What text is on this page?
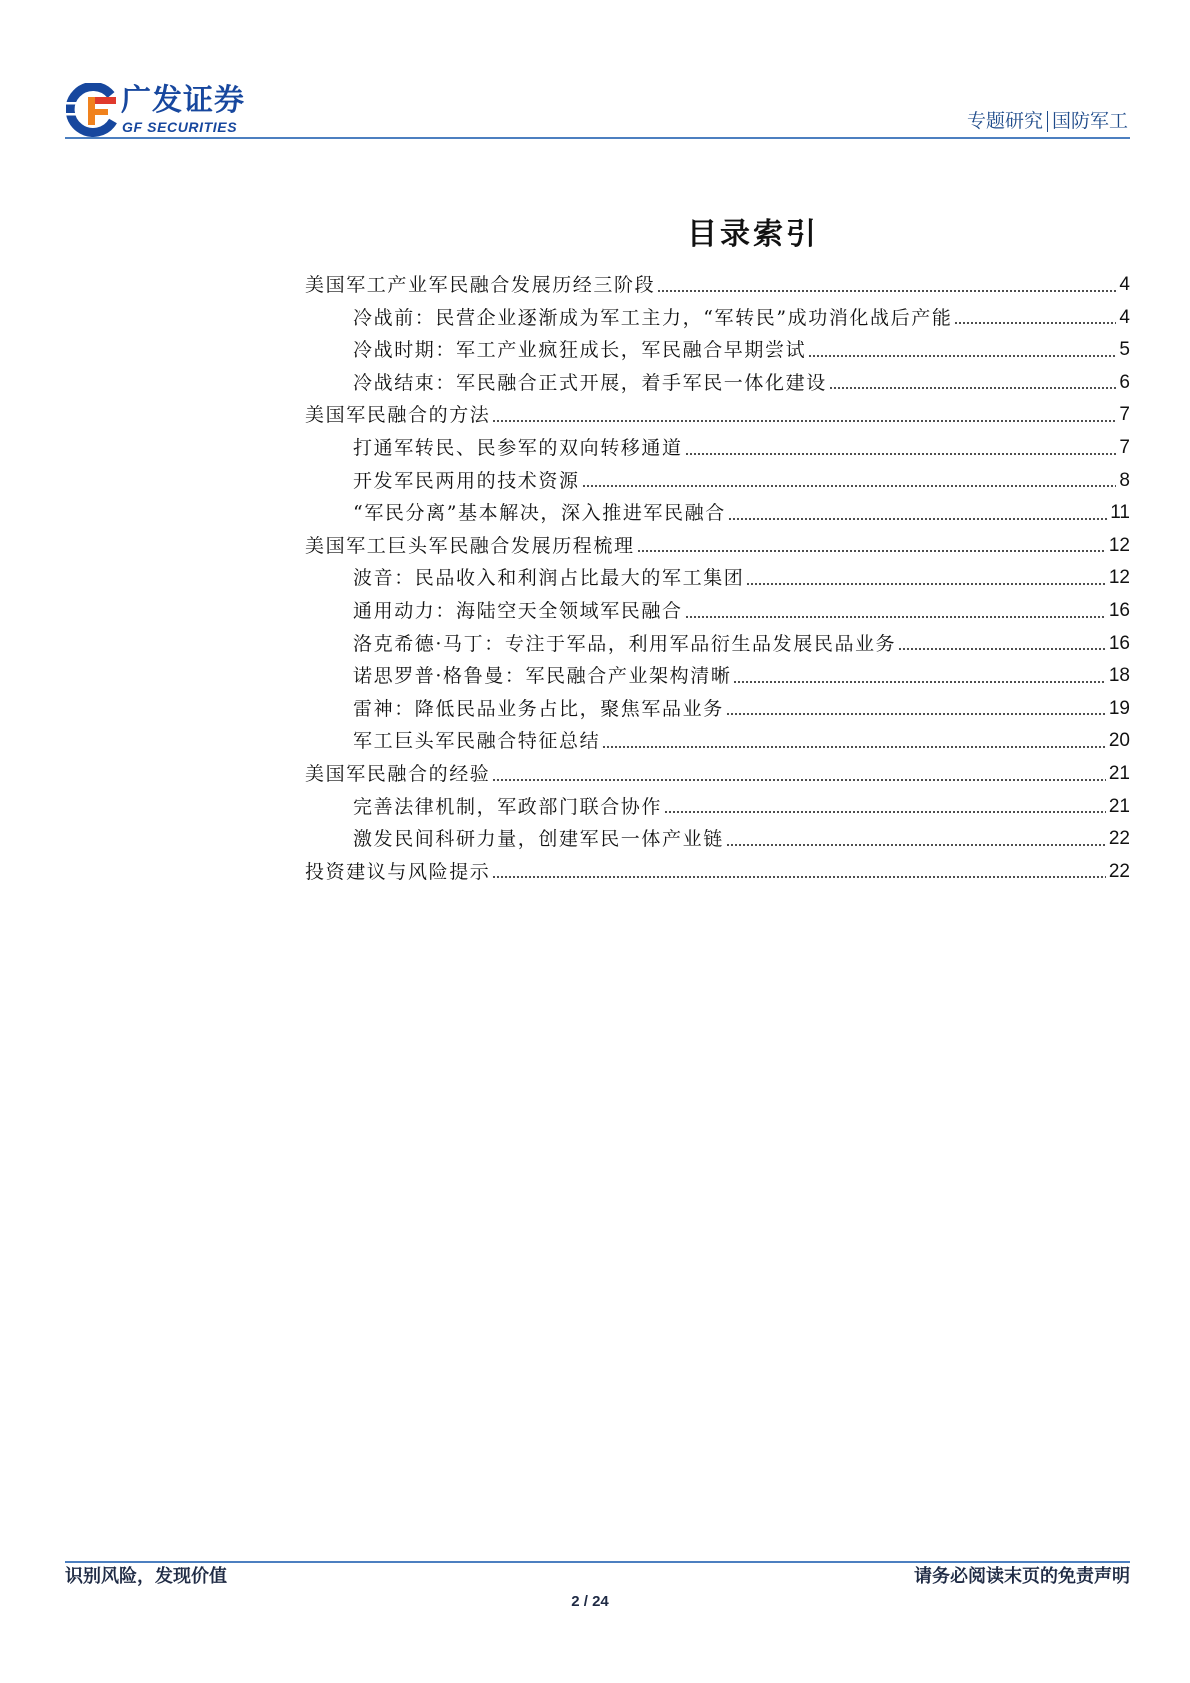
广发证券
GF SECURITIES	专题研究 国防军工
目录索引
美国军工产业军民融合发展历经三阶段	4
冷战前：民营企业逐渐成为军工主力，“军转民”成功消化战后产能	4
冷战时期：军工产业疯狂成长，军民融合早期尝试	5
冷战结束：军民融合正式开展，着手军民一体化建设	6
美国军民融合的方法	7
打通军转民、民参军的双向转移通道	7
开发军民两用的技术资源	8
“军民分离”基本解决，深入推进军民融合	11
美国军工巨头军民融合发展历程梳理	12
波音：民品收入和利润占比最大的军工集团	12
通用动力：海陆空天全领域军民融合	16
洛克希德·马丁：专注于军品，利用军品衍生品发展民品业务	16
诺思罗普·格鲁曼：军民融合产业架构清晰	18
雷神：降低民品业务占比，聚焦军品业务	19
军工巨头军民融合特征总结	20
美国军民融合的经验	21
完善法律机制，军政部门联合协作	21
激发民间科研力量，创建军民一体产业链	22
投资建议与风险提示	22
识别风险，发现价值	请务必阅读末页的免责声明
2 / 24
